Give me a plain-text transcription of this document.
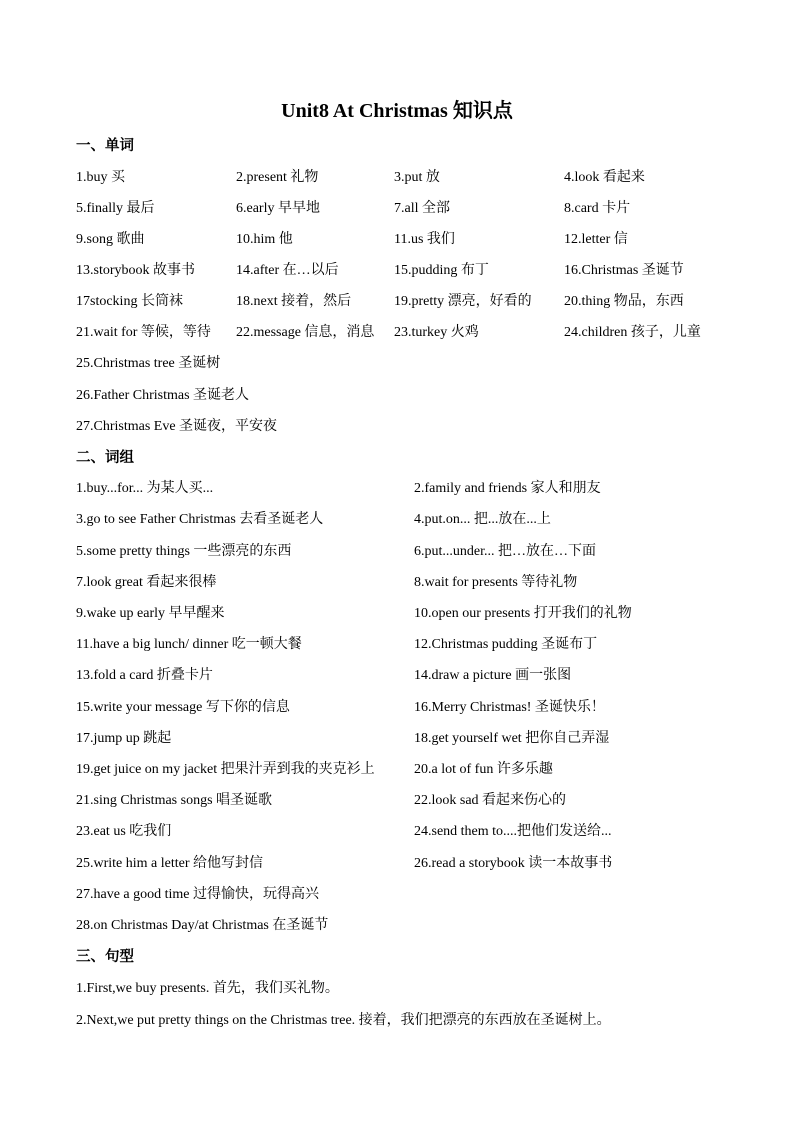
Unit8 At Christmas 知识点
一、单词
1.buy 买	2.present 礼物	3.put 放	4.look 看起来
5.finally 最后	6.early 早早地	7.all 全部	8.card 卡片
9.song 歌曲	10.him 他	11.us 我们	12.letter 信
13.storybook 故事书	14.after 在…以后	15.pudding 布丁	16.Christmas 圣诞节
17stocking 长筒袜	18.next 接着，然后	19.pretty 漂亮，好看的 20.thing 物品，东西
21.wait for 等候，等待 22.message 信息，消息 23.turkey 火鸡	24.children 孩子，儿童
25.Christmas tree 圣诞树
26.Father Christmas 圣诞老人
27.Christmas Eve 圣诞夜，平安夜
二、词组
1.buy...for... 为某人买...	2.family and friends 家人和朋友
3.go to see Father Christmas 去看圣诞老人	4.put.on... 把...放在...上
5.some pretty things 一些漂亮的东西	6.put...under... 把…放在…下面
7.look great 看起来很棒	8.wait for presents 等待礼物
9.wake up early 早早醒来	10.open our presents 打开我们的礼物
11.have a big lunch/ dinner 吃一顿大餐	12.Christmas pudding 圣诞布丁
13.fold a card 折叠卡片	14.draw a picture 画一张图
15.write your message 写下你的信息	16.Merry Christmas! 圣诞快乐！
17.jump up 跳起	18.get yourself wet 把你自己弄湿
19.get juice on my jacket 把果汁弄到我的夹克衫上	20.a lot of fun 许多乐趣
21.sing Christmas songs 唱圣诞歌	22.look sad 看起来伤心的
23.eat us 吃我们	24.send them to....把他们发送给...
25.write him a letter 给他写封信	26.read a storybook 读一本故事书
27.have a good time 过得愉快，玩得高兴
28.on Christmas Day/at Christmas 在圣诞节
三、句型
1.First,we buy presents. 首先，我们买礼物。
2.Next,we put pretty things on the Christmas tree. 接着，我们把漂亮的东西放在圣诞树上。
